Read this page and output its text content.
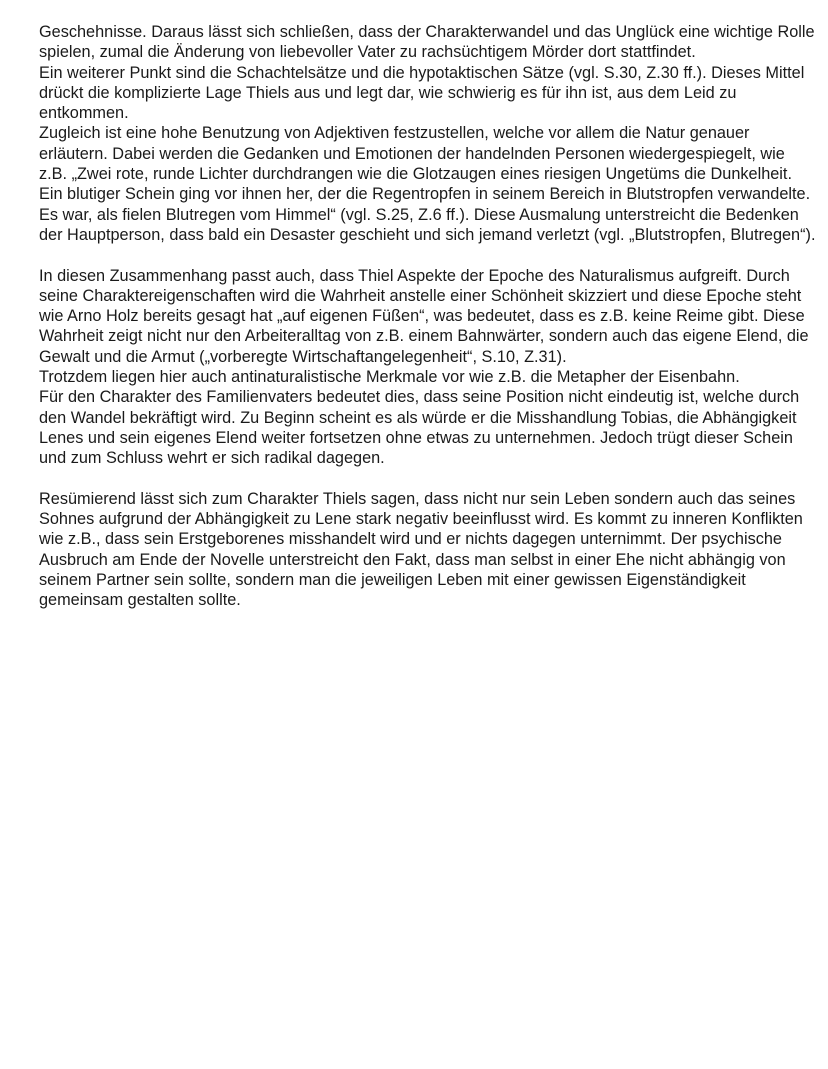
Geschehnisse. Daraus lässt sich schließen, dass der Charakterwandel und das Unglück eine wichtige Rolle spielen, zumal die Änderung von liebevoller Vater zu rachsüchtigem Mörder dort stattfindet.

Ein weiterer Punkt sind die Schachtelsätze und die hypotaktischen Sätze (vgl. S.30, Z.30 ff.). Dieses Mittel drückt die komplizierte Lage Thiels aus und legt dar, wie schwierig es für ihn ist, aus dem Leid zu entkommen.

Zugleich ist eine hohe Benutzung von Adjektiven festzustellen, welche vor allem die Natur genauer erläutern. Dabei werden die Gedanken und Emotionen der handelnden Personen wiedergespiegelt, wie z.B. „Zwei rote, runde Lichter durchdrangen wie die Glotzaugen eines riesigen Ungetüms die Dunkelheit. Ein blutiger Schein ging vor ihnen her, der die Regentropfen in seinem Bereich in Blutstropfen verwandelte. Es war, als fielen Blutregen vom Himmel“ (vgl. S.25, Z.6 ff.). Diese Ausmalung unterstreicht die Bedenken der Hauptperson, dass bald ein Desaster geschieht und sich jemand verletzt (vgl. „Blutstropfen, Blutregen“).

In diesen Zusammenhang passt auch, dass Thiel Aspekte der Epoche des Naturalismus aufgreift. Durch seine Charaktereigenschaften wird die Wahrheit anstelle einer Schönheit skizziert und diese Epoche steht wie Arno Holz bereits gesagt hat „auf eigenen Füßen“, was bedeutet, dass es z.B. keine Reime gibt. Diese Wahrheit zeigt nicht nur den Arbeiteralltag von z.B. einem Bahnwärter, sondern auch das eigene Elend, die Gewalt und die Armut („vorberegte Wirtschaftangelegenheit“, S.10, Z.31).

Trotzdem liegen hier auch antinaturalistische Merkmale vor wie z.B. die Metapher der Eisenbahn.

Für den Charakter des Familienvaters bedeutet dies, dass seine Position nicht eindeutig ist, welche durch den Wandel bekräftigt wird. Zu Beginn scheint es als würde er die Misshandlung Tobias, die Abhängigkeit Lenes und sein eigenes Elend weiter fortsetzen ohne etwas zu unternehmen. Jedoch trügt dieser Schein und zum Schluss wehrt er sich radikal dagegen.

Resümierend lässt sich zum Charakter Thiels sagen, dass nicht nur sein Leben sondern auch das seines Sohnes aufgrund der Abhängigkeit zu Lene stark negativ beeinflusst wird. Es kommt zu inneren Konflikten wie z.B., dass sein Erstgeborenes misshandelt wird und er nichts dagegen unternimmt. Der psychische Ausbruch am Ende der Novelle unterstreicht den Fakt, dass man selbst in einer Ehe nicht abhängig von seinem Partner sein sollte, sondern man die jeweiligen Leben mit einer gewissen Eigenständigkeit gemeinsam gestalten sollte.
